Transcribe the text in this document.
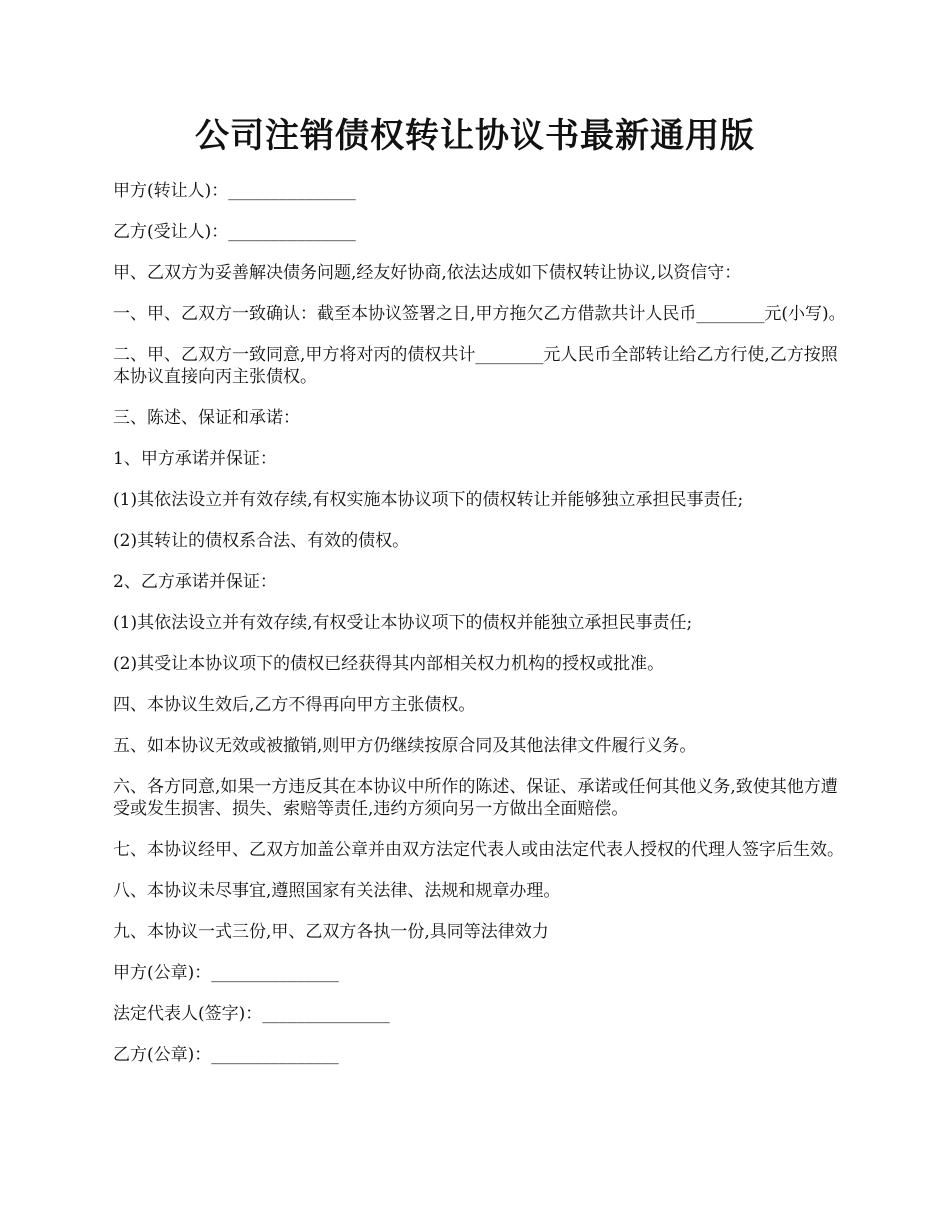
公司注销债权转让协议书最新通用版

甲方(转让人)：_______________

乙方(受让人)：_______________

甲、乙双方为妥善解决债务问题,经友好协商,依法达成如下债权转让协议,以资信守：

一、甲、乙双方一致确认：截至本协议签署之日,甲方拖欠乙方借款共计人民币________元(小写)。

二、甲、乙双方一致同意,甲方将对丙的债权共计________元人民币全部转让给乙方行使,乙方按照本协议直接向丙主张债权。

三、陈述、保证和承诺：

1、甲方承诺并保证：

(1)其依法设立并有效存续,有权实施本协议项下的债权转让并能够独立承担民事责任;

(2)其转让的债权系合法、有效的债权。

2、乙方承诺并保证：

(1)其依法设立并有效存续,有权受让本协议项下的债权并能独立承担民事责任;

(2)其受让本协议项下的债权已经获得其内部相关权力机构的授权或批准。

四、本协议生效后,乙方不得再向甲方主张债权。

五、如本协议无效或被撤销,则甲方仍继续按原合同及其他法律文件履行义务。

六、各方同意,如果一方违反其在本协议中所作的陈述、保证、承诺或任何其他义务,致使其他方遭受或发生损害、损失、索赔等责任,违约方须向另一方做出全面赔偿。

七、本协议经甲、乙双方加盖公章并由双方法定代表人或由法定代表人授权的代理人签字后生效。

八、本协议未尽事宜,遵照国家有关法律、法规和规章办理。

九、本协议一式三份,甲、乙双方各执一份,具同等法律效力

甲方(公章)：_______________

法定代表人(签字)：_______________

乙方(公章)：_______________
